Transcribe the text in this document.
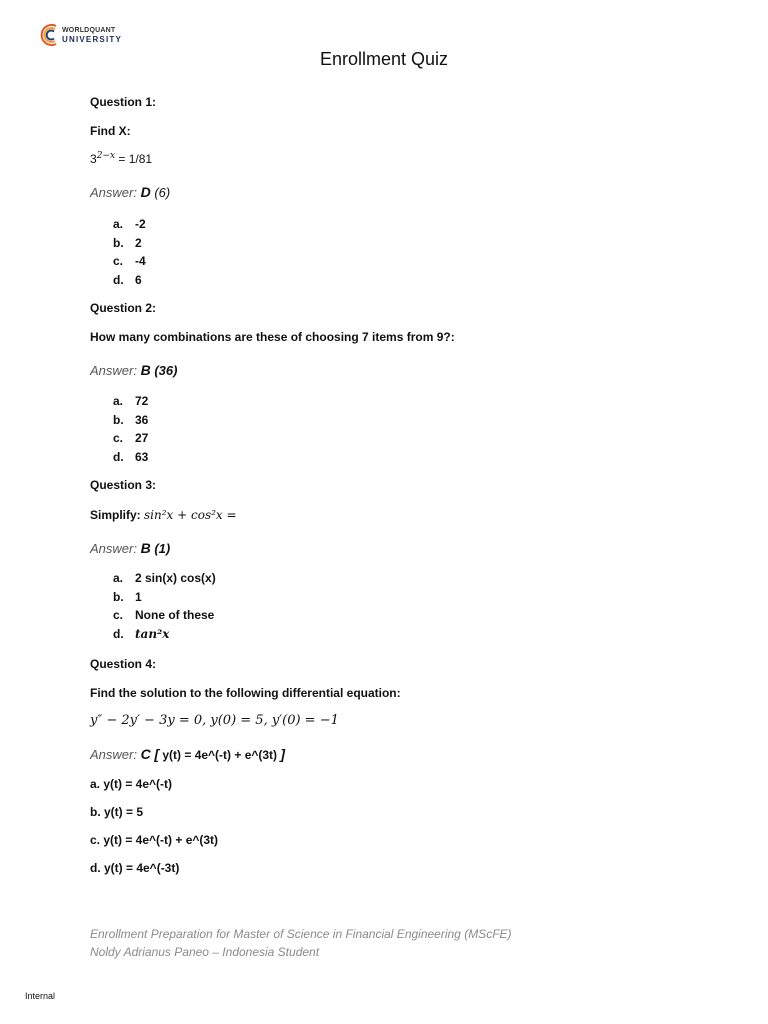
WORLDQUANT
UNIVERSITY
Enrollment Quiz
Question 1:
Find X:
$3^{2-x} = 1/81$
Answer: D (6)
a. -2
b. 2
c. -4
d. 6
Question 2:
How many combinations are these of choosing 7 items from 9?:
Answer: B (36)
a. 72
b. 36
c. 27
d. 63
Question 3:
Simplify: sin²x + cos²x =
Answer: B (1)
a. 2 sin(x) cos(x)
b. 1
c. None of these
d. tan²x
Question 4:
Find the solution to the following differential equation:
y″ − 2y′ − 3y = 0, y(0) = 5, y′(0) = −1
Answer: C [ y(t) = 4e^(-t) + e^(3t) ]
a. y(t) = 4e^(-t)
b. y(t) = 5
c. y(t) = 4e^(-t) + e^(3t)
d. y(t) = 4e^(-3t)
Enrollment Preparation for Master of Science in Financial Engineering (MScFE)
Noldy Adrianus Paneo – Indonesia Student
Internal
